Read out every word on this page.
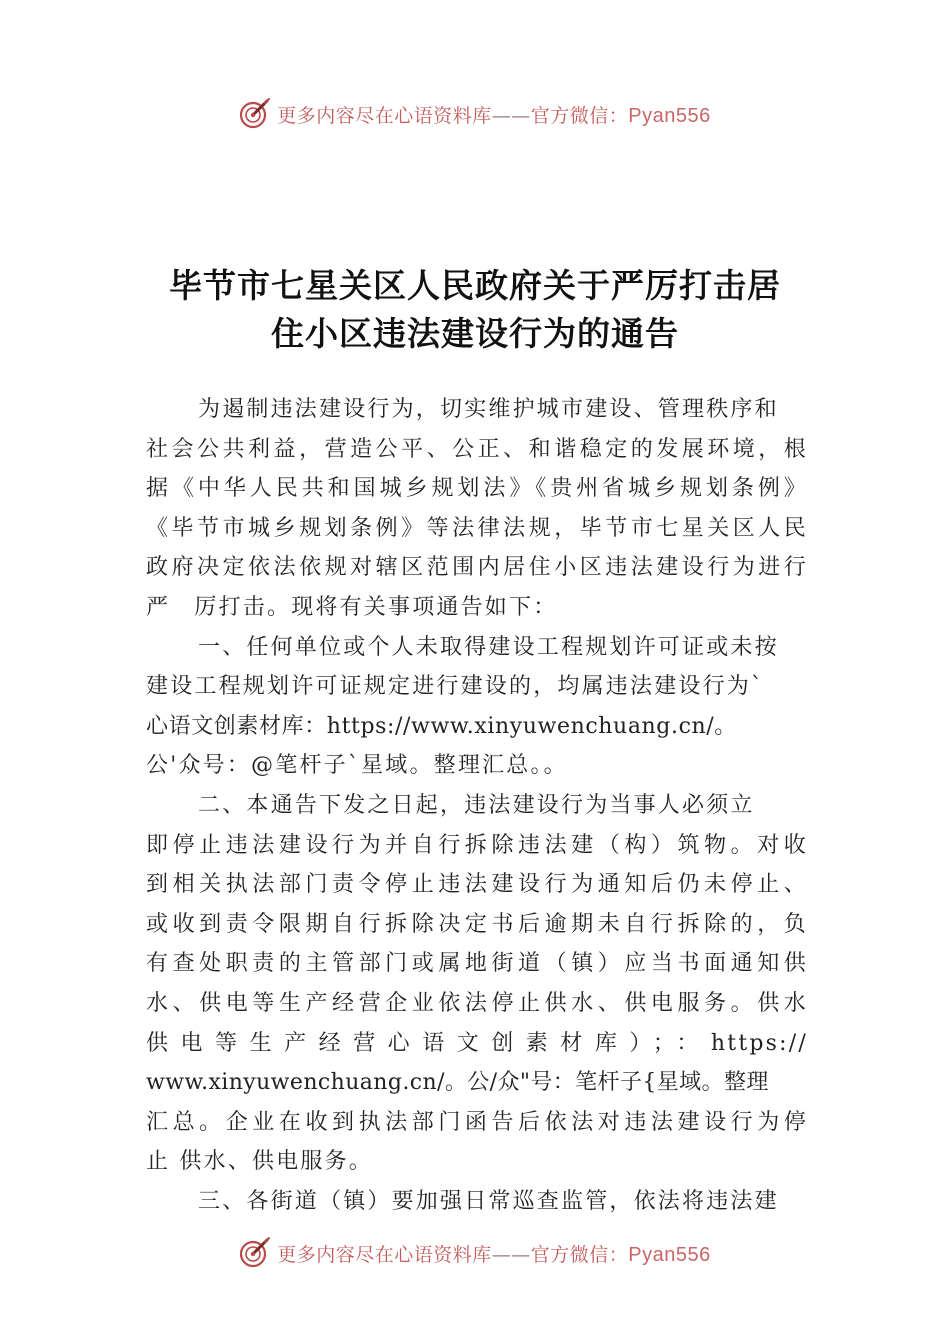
更多内容尽在心语资料库——官方微信：Pyan556
毕节市七星关区人民政府关于严厉打击居
住小区违法建设行为的通告
为遏制违法建设行为，切实维护城市建设、管理秩序和
社会公共利益，营造公平、公正、和谐稳定的发展环境，根
据《中华人民共和国城乡规划法》《贵州省城乡规划条例》
《毕节市城乡规划条例》等法律法规，毕节市七星关区人民
政府决定依法依规对辖区范围内居住小区违法建设行为进行
严　厉打击。现将有关事项通告如下：
一、任何单位或个人未取得建设工程规划许可证或未按
建设工程规划许可证规定进行建设的，均属违法建设行为`
心语文创素材库：https://www.xinyuwenchuang.cn/。
公'众号：@笔杆子`星域。整理汇总。。
二、本通告下发之日起，违法建设行为当事人必须立
即停止违法建设行为并自行拆除违法建（构）筑物。对收
到相关执法部门责令停止违法建设行为通知后仍未停止、
或收到责令限期自行拆除决定书后逾期未自行拆除的，负
有查处职责的主管部门或属地街道（镇）应当书面通知供
水、供电等生产经营企业依法停止供水、供电服务。供水
供电等生产经营心语文创素材库）；：https://
www.xinyuwenchuang.cn/。公/众"号：笔杆子{星域。整理
汇总。企业在收到执法部门函告后依法对违法建设行为停
止 供水、供电服务。
三、各街道（镇）要加强日常巡查监管，依法将违法建
更多内容尽在心语资料库——官方微信：Pyan556
